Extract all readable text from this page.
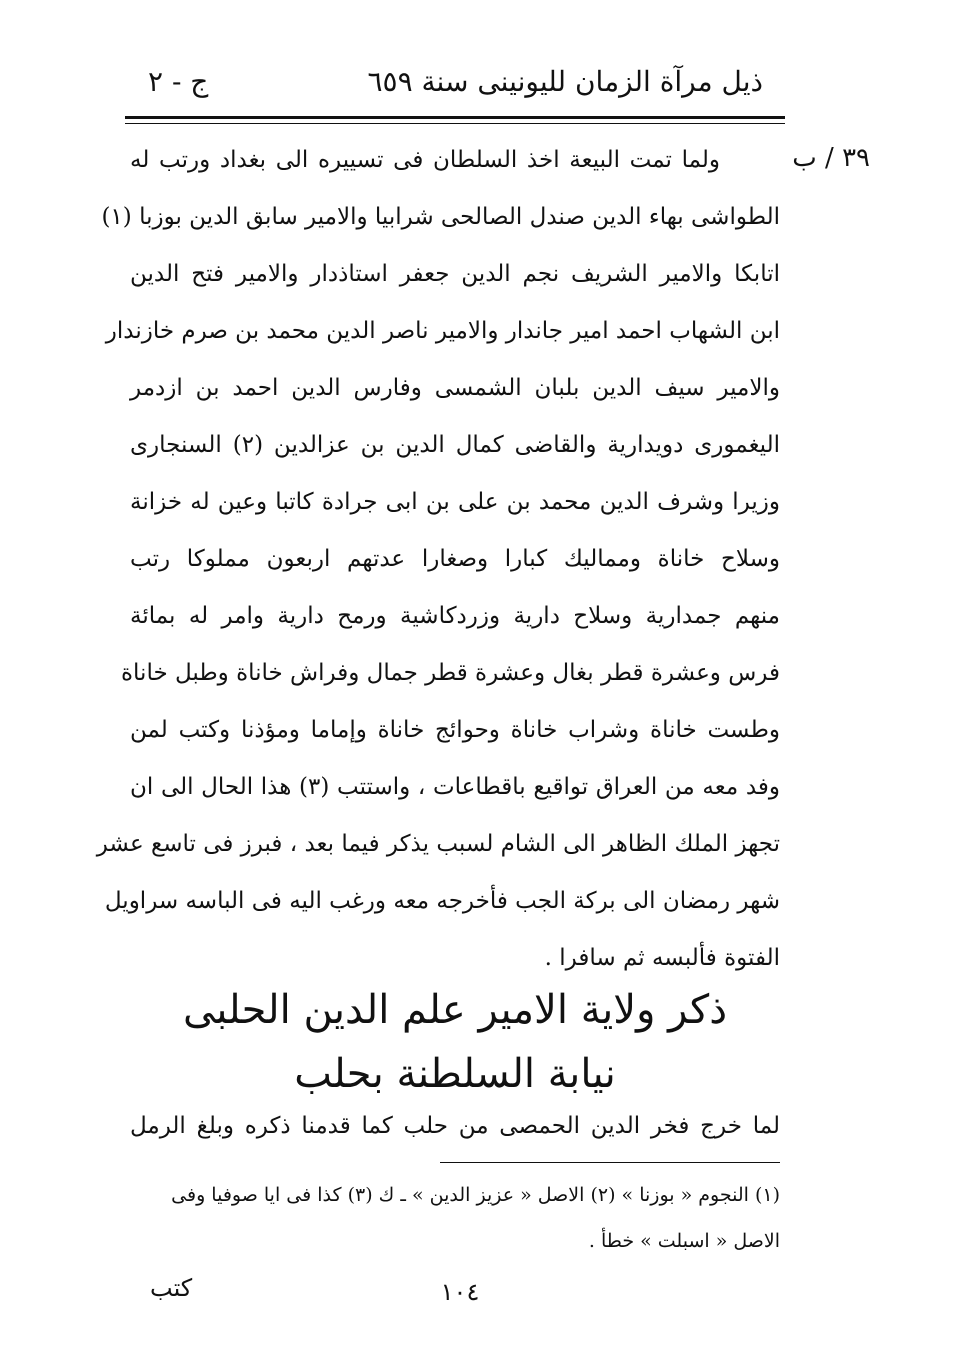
ذيل مرآة الزمان لليونينى سنة ٦٥٩
ج - ٢
٣٩ / ب
ولما تمت البيعة اخذ السلطان فى تسييره الى بغداد ورتب له
الطواشى بهاء الدين صندل الصالحى شرابيا والامير سابق الدين بوزبا (١)
اتابكا والامير الشريف نجم الدين جعفر استاذدار والامير فتح الدين
ابن الشهاب احمد امير جاندار والامير ناصر الدين محمد بن صرم خازندار
والامير سيف الدين بلبان الشمسى وفارس الدين احمد بن ازدمر
اليغمورى دويدارية والقاضى كمال الدين بن عزالدين (٢) السنجارى
وزيرا وشرف الدين محمد بن على بن ابى جرادة كاتبا وعين له خزانة
وسلاح خاناة ومماليك كبارا وصغارا عدتهم اربعون مملوكا رتب
منهم جمدارية وسلاح دارية وزردكاشية ورمح دارية وامر له بمائة
فرس وعشرة قطر بغال وعشرة قطر جمال وفراش خاناة وطبل خاناة
وطست خاناة وشراب خاناة وحوائج خاناة وإماما ومؤذنا وكتب لمن
وفد معه من العراق تواقيع باقطاعات ، واستتب (٣) هذا الحال الى ان
تجهز الملك الظاهر الى الشام لسبب يذكر فيما بعد ، فبرز فى تاسع عشر
شهر رمضان الى بركة الجب فأخرجه معه ورغب اليه فى الباسه سراويل
الفتوة فألبسه ثم سافرا .
ذكر ولاية الامير علم الدين الحلبى
نيابة السلطنة بحلب
لما خرج فخر الدين الحمصى من حلب كما قدمنا ذكره وبلغ الرمل
(١) النجوم « بوزنا » (٢) الاصل « عزيز الدين » ـ ك (٣) كذا فى ايا صوفيا وفى
الاصل « اسبلت » خطأ .
١٠٤
كتب
